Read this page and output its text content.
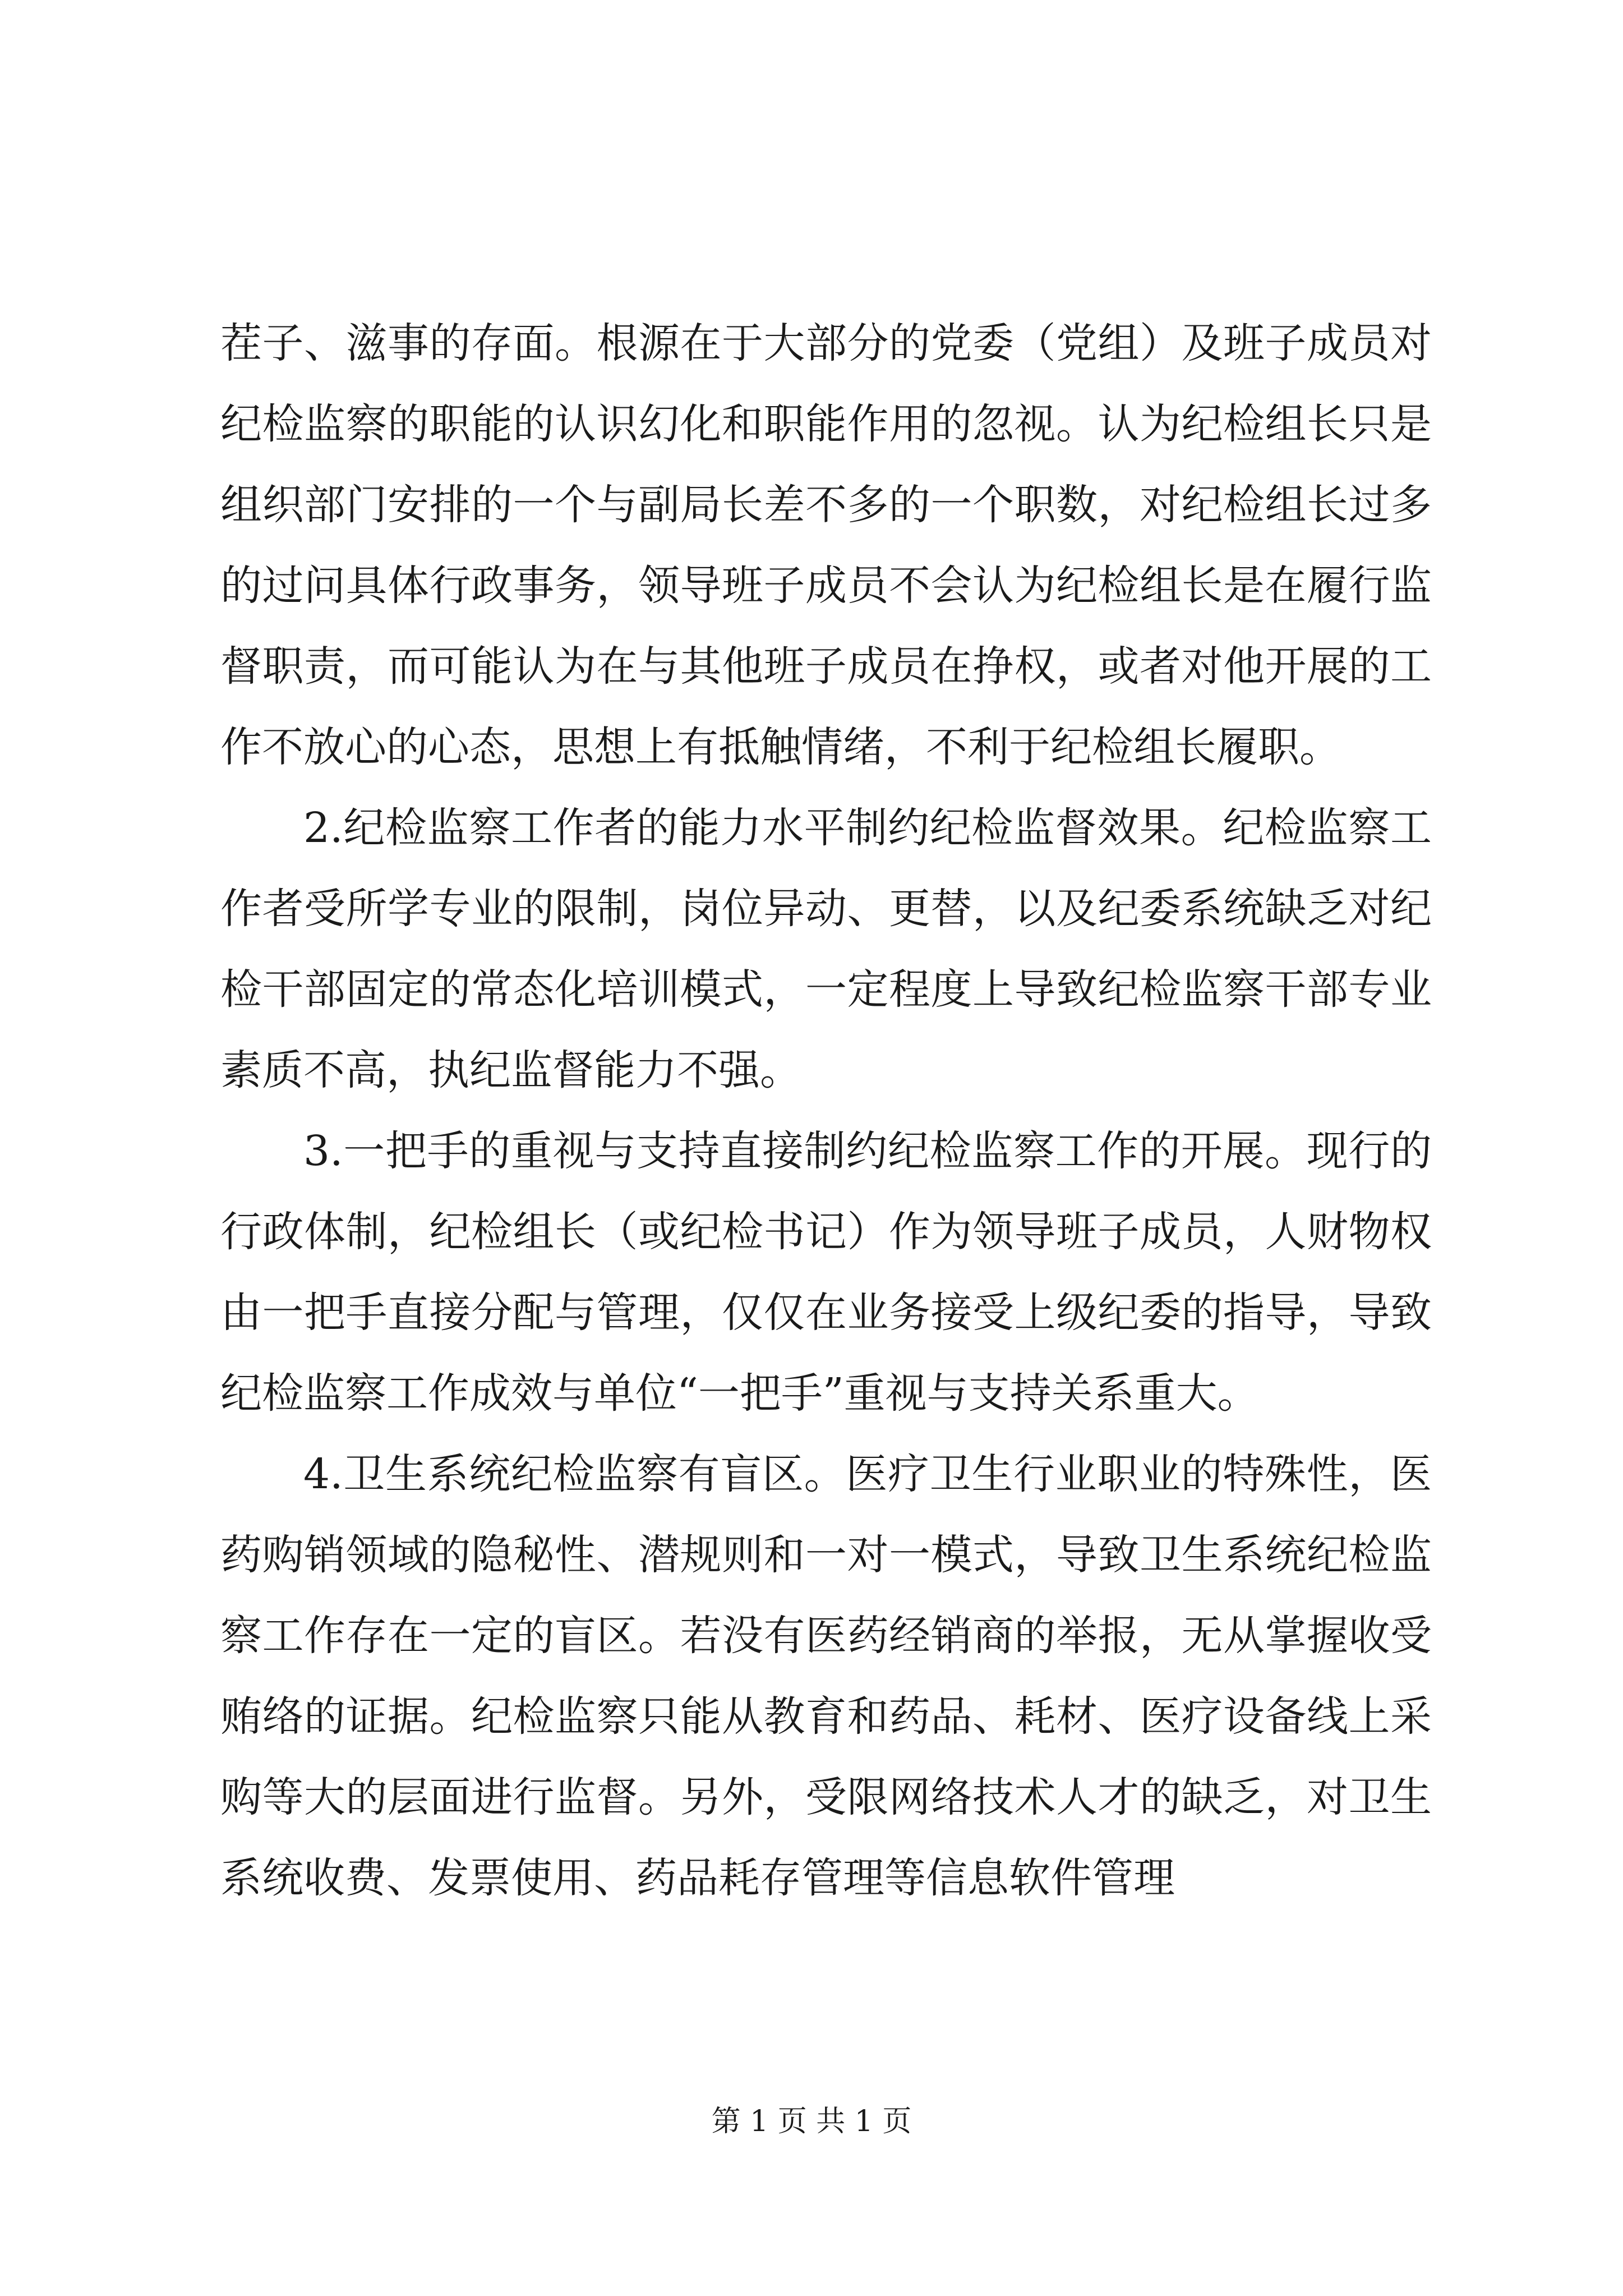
茬子、滋事的存面。根源在于大部分的党委（党组）及班子成员对纪检监察的职能的认识幻化和职能作用的忽视。认为纪检组长只是组织部门安排的一个与副局长差不多的一个职数，对纪检组长过多的过问具体行政事务，领导班子成员不会认为纪检组长是在履行监督职责，而可能认为在与其他班子成员在挣权，或者对他开展的工作不放心的心态，思想上有抵触情绪，不利于纪检组长履职。

2.纪检监察工作者的能力水平制约纪检监督效果。纪检监察工作者受所学专业的限制，岗位异动、更替，以及纪委系统缺乏对纪检干部固定的常态化培训模式，一定程度上导致纪检监察干部专业素质不高，执纪监督能力不强。

3.一把手的重视与支持直接制约纪检监察工作的开展。现行的行政体制，纪检组长（或纪检书记）作为领导班子成员，人财物权由一把手直接分配与管理，仅仅在业务接受上级纪委的指导，导致纪检监察工作成效与单位“一把手”重视与支持关系重大。

4.卫生系统纪检监察有盲区。医疗卫生行业职业的特殊性，医药购销领域的隐秘性、潜规则和一对一模式，导致卫生系统纪检监察工作存在一定的盲区。若没有医药经销商的举报，无从掌握收受贿络的证据。纪检监察只能从教育和药品、耗材、医疗设备线上采购等大的层面进行监督。另外，受限网络技术人才的缺乏，对卫生系统收费、发票使用、药品耗存管理等信息软件管理

第 1 页 共 1 页
